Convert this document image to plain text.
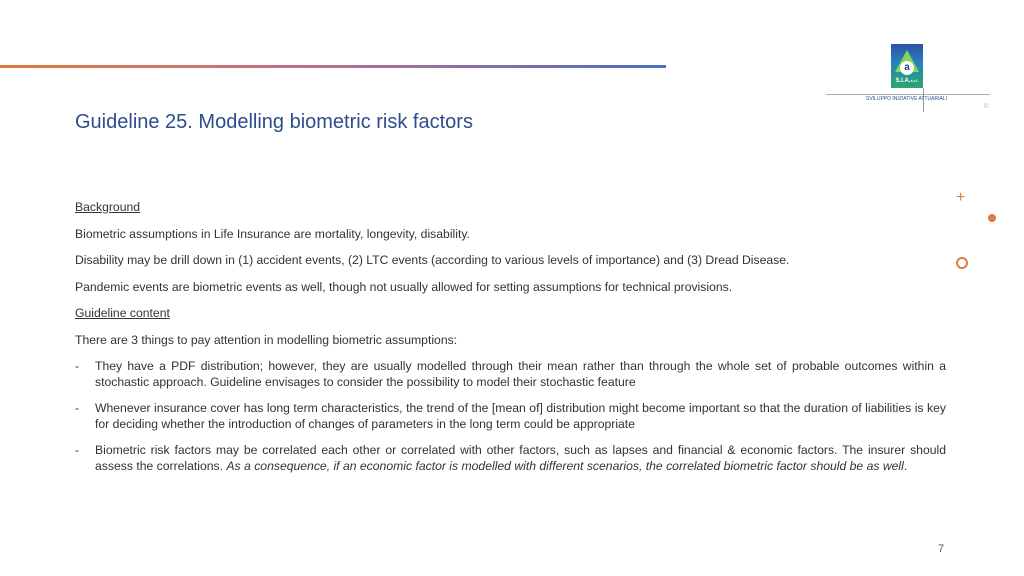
Guideline 25. Modelling biometric risk factors
a
S.I.A.s.r.l.
SVILUPPO INIZIATIVE ATTUARIALI
©
+

Background

Biometric assumptions in Life Insurance are mortality, longevity, disability.

Disability may be drill down in (1) accident events, (2) LTC events (according to various levels of importance) and (3) Dread Disease.

Pandemic events are biometric events as well, though not usually allowed for setting assumptions for technical provisions.

Guideline content

There are 3 things to pay attention in modelling biometric assumptions:

-	They have a PDF distribution; however, they are usually modelled through their mean rather than through the whole set of probable outcomes within a stochastic approach. Guideline envisages to consider the possibility to model their stochastic feature
-	Whenever insurance cover has long term characteristics, the trend of the [mean of] distribution might become important so that the duration of liabilities is key for deciding whether the introduction of changes of parameters in the long term could be appropriate
-	Biometric risk factors may be correlated each other or correlated with other factors, such as lapses and financial & economic factors. The insurer should assess the correlations. As a consequence, if an economic factor is modelled with different scenarios, the correlated biometric factor should be as well.
7
